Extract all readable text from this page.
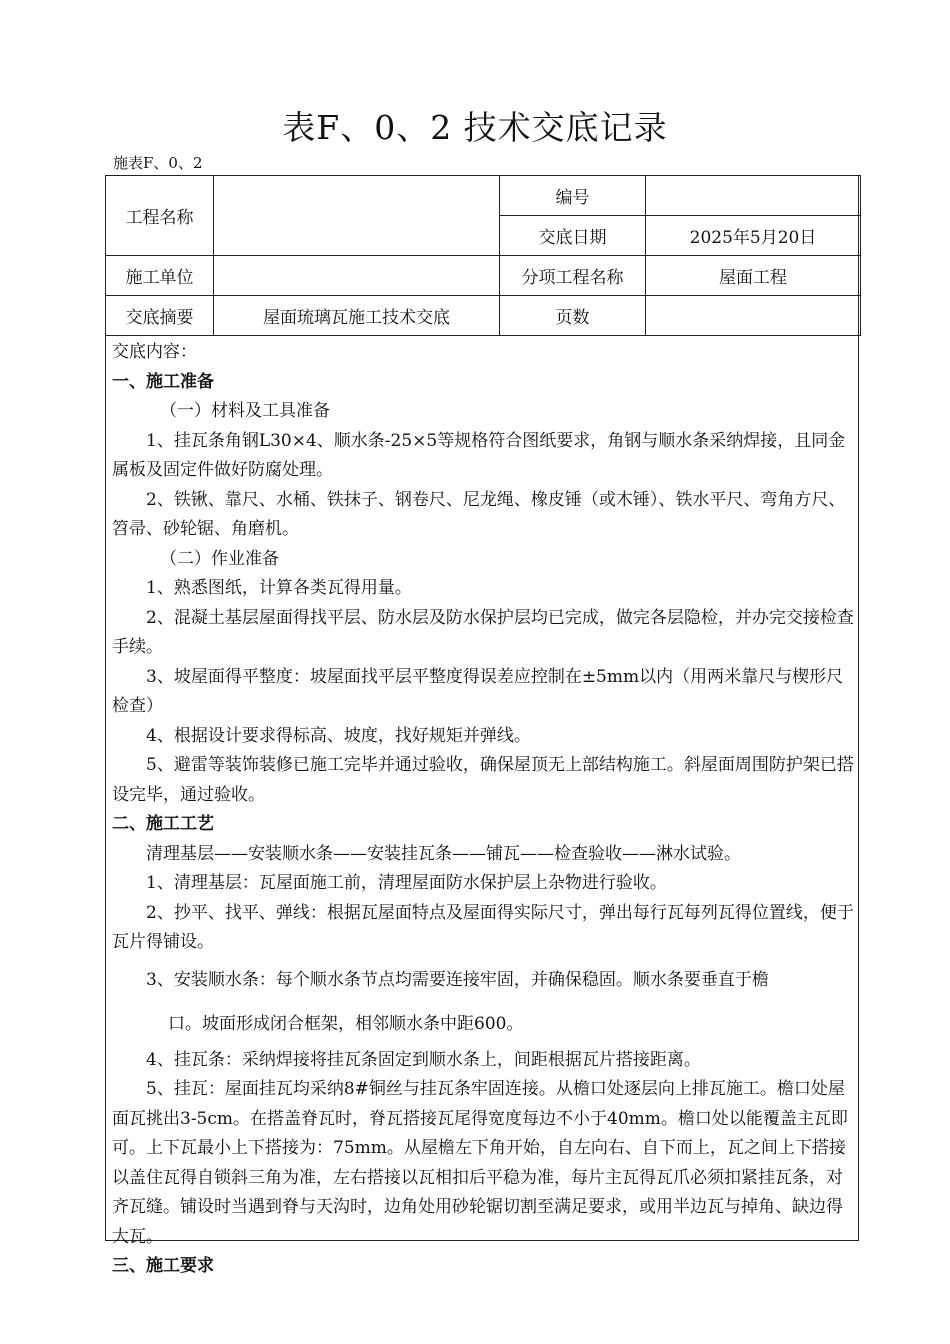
表F、0、2 技术交底记录
施表F、0、2
工程名称		编号	
		交底日期	2025年5月20日
施工单位		分项工程名称	屋面工程
交底摘要	屋面琉璃瓦施工技术交底	页数	

交底内容：

一、施工准备

（一）材料及工具准备

1、挂瓦条角钢L30×4、顺水条-25×5等规格符合图纸要求，角钢与顺水条采纳焊接，且同金属板及固定件做好防腐处理。

2、铁锹、靠尺、水桶、铁抹子、钢卷尺、尼龙绳、橡皮锤（或木锤）、铁水平尺、弯角方尺、笤帚、砂轮锯、角磨机。

（二）作业准备

1、熟悉图纸，计算各类瓦得用量。

2、混凝土基层屋面得找平层、防水层及防水保护层均已完成，做完各层隐检，并办完交接检查手续。

3、坡屋面得平整度：坡屋面找平层平整度得误差应控制在±5mm以内（用两米靠尺与楔形尺检查）

4、根据设计要求得标高、坡度，找好规矩并弹线。

5、避雷等装饰装修已施工完毕并通过验收，确保屋顶无上部结构施工。斜屋面周围防护架已搭设完毕，通过验收。

二、施工工艺

清理基层——安装顺水条——安装挂瓦条——铺瓦——检查验收——淋水试验。

1、清理基层：瓦屋面施工前，清理屋面防水保护层上杂物进行验收。

2、抄平、找平、弹线：根据瓦屋面特点及屋面得实际尺寸，弹出每行瓦每列瓦得位置线，便于瓦片得铺设。

3、安装顺水条：每个顺水条节点均需要连接牢固，并确保稳固。顺水条要垂直于檐

口。坡面形成闭合框架，相邻顺水条中距600。

4、挂瓦条：采纳焊接将挂瓦条固定到顺水条上，间距根据瓦片搭接距离。

5、挂瓦：屋面挂瓦均采纳8#铜丝与挂瓦条牢固连接。从檐口处逐层向上排瓦施工。檐口处屋面瓦挑出3-5cm。在搭盖脊瓦时，脊瓦搭接瓦尾得宽度每边不小于40mm。檐口处以能覆盖主瓦即可。上下瓦最小上下搭接为：75mm。从屋檐左下角开始，自左向右、自下而上，瓦之间上下搭接以盖住瓦得自锁斜三角为准，左右搭接以瓦相扣后平稳为准，每片主瓦得瓦爪必须扣紧挂瓦条，对齐瓦缝。铺设时当遇到脊与天沟时，边角处用砂轮锯切割至满足要求，或用半边瓦与掉角、缺边得大瓦。

三、施工要求
